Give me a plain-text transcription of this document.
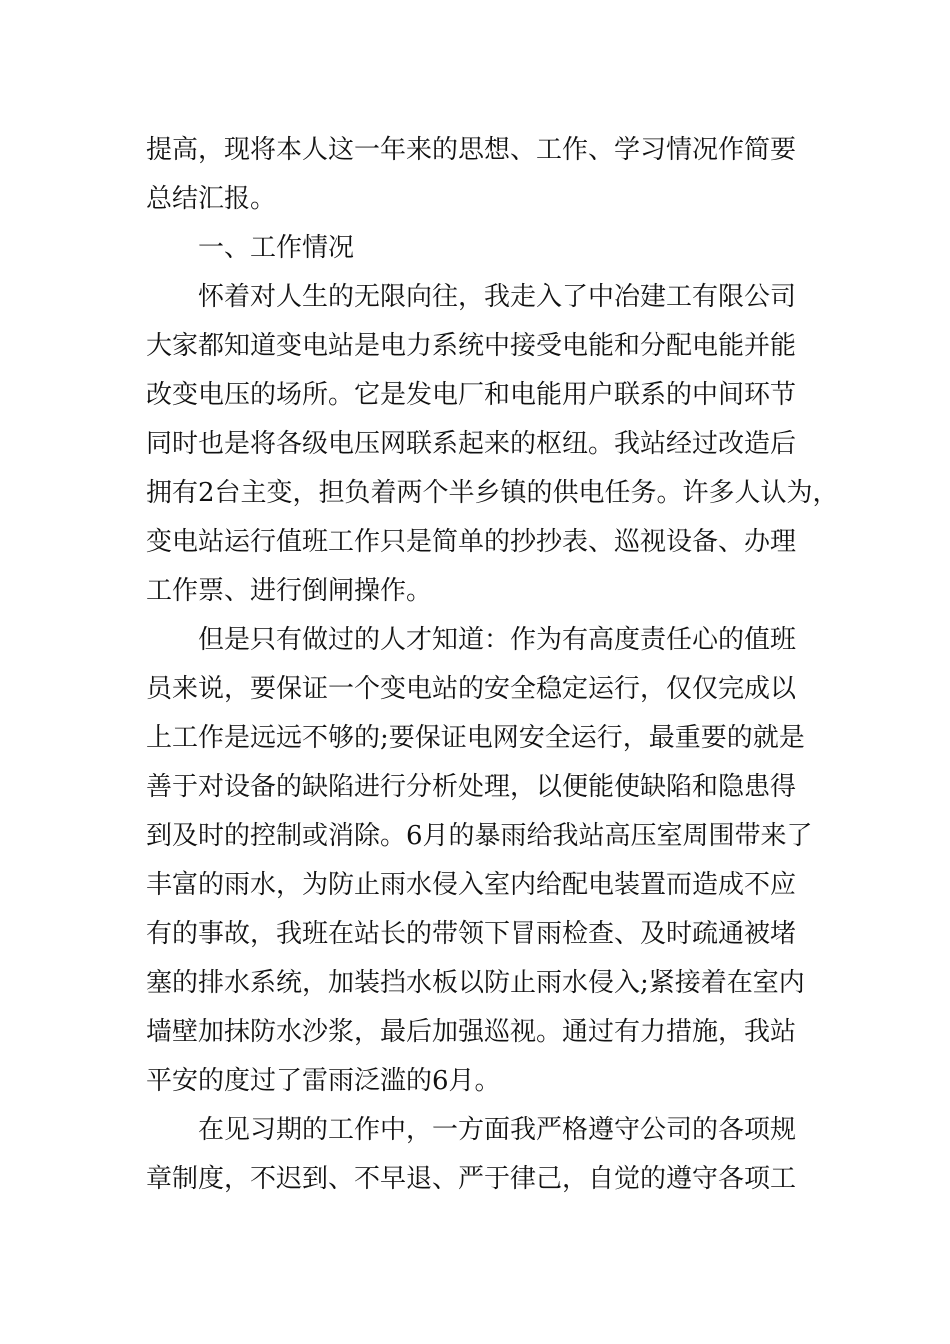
提高，现将本人这一年来的思想、工作、学习情况作简要
总结汇报。
一、工作情况
怀着对人生的无限向往，我走入了中冶建工有限公司
大家都知道变电站是电力系统中接受电能和分配电能并能
改变电压的场所。它是发电厂和电能用户联系的中间环节
同时也是将各级电压网联系起来的枢纽。我站经过改造后
拥有2台主变，担负着两个半乡镇的供电任务。许多人认为，
变电站运行值班工作只是简单的抄抄表、巡视设备、办理
工作票、进行倒闸操作。
但是只有做过的人才知道：作为有高度责任心的值班
员来说，要保证一个变电站的安全稳定运行，仅仅完成以
上工作是远远不够的;要保证电网安全运行，最重要的就是
善于对设备的缺陷进行分析处理，以便能使缺陷和隐患得
到及时的控制或消除。6月的暴雨给我站高压室周围带来了
丰富的雨水，为防止雨水侵入室内给配电装置而造成不应
有的事故，我班在站长的带领下冒雨检查、及时疏通被堵
塞的排水系统，加装挡水板以防止雨水侵入;紧接着在室内
墙壁加抹防水沙浆，最后加强巡视。通过有力措施，我站
平安的度过了雷雨泛滥的6月。
在见习期的工作中，一方面我严格遵守公司的各项规
章制度，不迟到、不早退、严于律己，自觉的遵守各项工
